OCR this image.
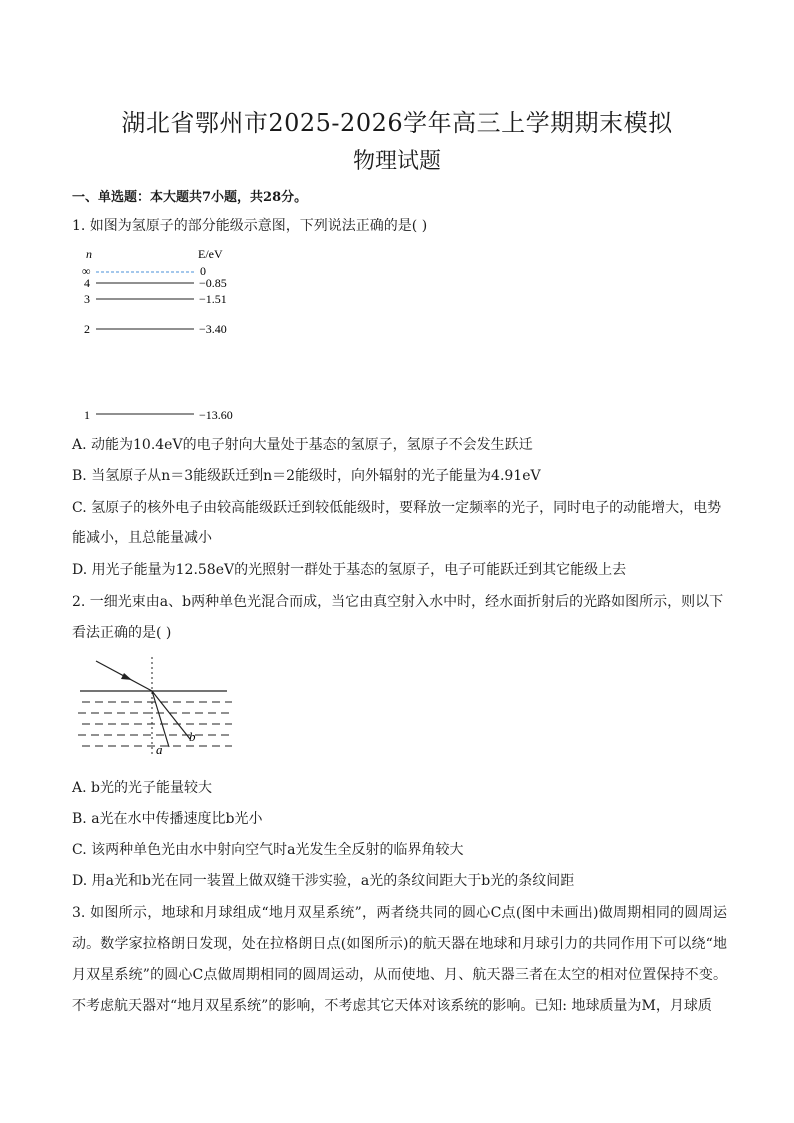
湖北省鄂州市2025-2026学年高三上学期期末模拟
物理试题
一、单选题：本大题共7小题，共28分。
1. 如图为氢原子的部分能级示意图，下列说法正确的是( )
n	E/eV
∞	0
4	−0.85
3	−1.51
2	−3.40
1	−13.60
A. 动能为10.4eV的电子射向大量处于基态的氢原子，氢原子不会发生跃迁
B. 当氢原子从n＝3能级跃迁到n＝2能级时，向外辐射的光子能量为4.91eV
C. 氢原子的核外电子由较高能级跃迁到较低能级时，要释放一定频率的光子，同时电子的动能增大，电势
能减小，且总能量减小
D. 用光子能量为12.58eV的光照射一群处于基态的氢原子，电子可能跃迁到其它能级上去
2. 一细光束由a、b两种单色光混合而成，当它由真空射入水中时，经水面折射后的光路如图所示，则以下
看法正确的是( )
a
b
A. b光的光子能量较大
B. a光在水中传播速度比b光小
C. 该两种单色光由水中射向空气时a光发生全反射的临界角较大
D. 用a光和b光在同一装置上做双缝干涉实验，a光的条纹间距大于b光的条纹间距
3. 如图所示，地球和月球组成“地月双星系统”，两者绕共同的圆心C点(图中未画出)做周期相同的圆周运动。数学家拉格朗日发现，处在拉格朗日点(如图所示)的航天器在地球和月球引力的共同作用下可以绕“地月双星系统”的圆心C点做周期相同的圆周运动，从而使地、月、航天器三者在太空的相对位置保持不变。不考虑航天器对“地月双星系统”的影响，不考虑其它天体对该系统的影响。已知: 地球质量为M，月球质
